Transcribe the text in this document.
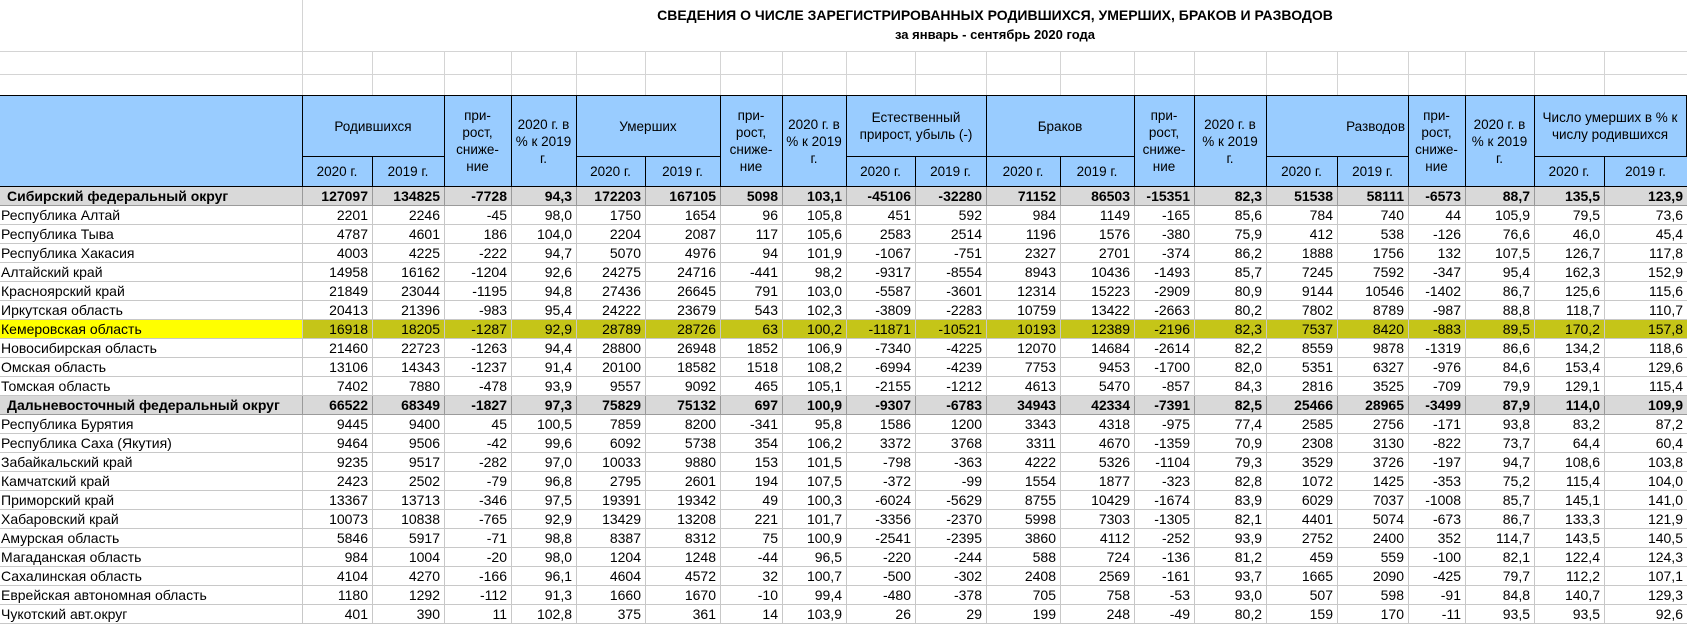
СВЕДЕНИЯ О ЧИСЛЕ ЗАРЕГИСТРИРОВАННЫХ РОДИВШИХСЯ, УМЕРШИХ, БРАКОВ И РАЗВОДОВ
за январь - сентябрь 2020 года
Родившихся
2020 г.	2019 г.
при-рост, сниже-ние
2020 г. в % к 2019 г.
Умерших
2020 г.	2019 г.
при-рост, сниже-ние
2020 г. в % к 2019 г.
Естественный прирост, убыль (-)
2020 г.	2019 г.
Браков
2020 г.	2019 г.
при-рост, сниже-ние
2020 г. в % к 2019 г.
Разводов
2020 г.	2019 г.
при-рост, сниже-ние
2020 г. в % к 2019 г.
Число умерших в % к числу родившихся
2020 г.	2019 г.
Сибирский федеральный округ	127097	134825	-7728	94,3	172203	167105	5098	103,1	-45106	-32280	71152	86503	-15351	82,3	51538	58111	-6573	88,7	135,5	123,9
Республика Алтай	2201	2246	-45	98,0	1750	1654	96	105,8	451	592	984	1149	-165	85,6	784	740	44	105,9	79,5	73,6
Республика Тыва	4787	4601	186	104,0	2204	2087	117	105,6	2583	2514	1196	1576	-380	75,9	412	538	-126	76,6	46,0	45,4
Республика Хакасия	4003	4225	-222	94,7	5070	4976	94	101,9	-1067	-751	2327	2701	-374	86,2	1888	1756	132	107,5	126,7	117,8
Алтайский край	14958	16162	-1204	92,6	24275	24716	-441	98,2	-9317	-8554	8943	10436	-1493	85,7	7245	7592	-347	95,4	162,3	152,9
Красноярский край	21849	23044	-1195	94,8	27436	26645	791	103,0	-5587	-3601	12314	15223	-2909	80,9	9144	10546	-1402	86,7	125,6	115,6
Иркутская область	20413	21396	-983	95,4	24222	23679	543	102,3	-3809	-2283	10759	13422	-2663	80,2	7802	8789	-987	88,8	118,7	110,7
Кемеровская область	16918	18205	-1287	92,9	28789	28726	63	100,2	-11871	-10521	10193	12389	-2196	82,3	7537	8420	-883	89,5	170,2	157,8
Новосибирская область	21460	22723	-1263	94,4	28800	26948	1852	106,9	-7340	-4225	12070	14684	-2614	82,2	8559	9878	-1319	86,6	134,2	118,6
Омская область	13106	14343	-1237	91,4	20100	18582	1518	108,2	-6994	-4239	7753	9453	-1700	82,0	5351	6327	-976	84,6	153,4	129,6
Томская область	7402	7880	-478	93,9	9557	9092	465	105,1	-2155	-1212	4613	5470	-857	84,3	2816	3525	-709	79,9	129,1	115,4
Дальневосточный федеральный округ	66522	68349	-1827	97,3	75829	75132	697	100,9	-9307	-6783	34943	42334	-7391	82,5	25466	28965	-3499	87,9	114,0	109,9
Республика Бурятия	9445	9400	45	100,5	7859	8200	-341	95,8	1586	1200	3343	4318	-975	77,4	2585	2756	-171	93,8	83,2	87,2
Республика Саха (Якутия)	9464	9506	-42	99,6	6092	5738	354	106,2	3372	3768	3311	4670	-1359	70,9	2308	3130	-822	73,7	64,4	60,4
Забайкальский край	9235	9517	-282	97,0	10033	9880	153	101,5	-798	-363	4222	5326	-1104	79,3	3529	3726	-197	94,7	108,6	103,8
Камчатский край	2423	2502	-79	96,8	2795	2601	194	107,5	-372	-99	1554	1877	-323	82,8	1072	1425	-353	75,2	115,4	104,0
Приморский край	13367	13713	-346	97,5	19391	19342	49	100,3	-6024	-5629	8755	10429	-1674	83,9	6029	7037	-1008	85,7	145,1	141,0
Хабаровский край	10073	10838	-765	92,9	13429	13208	221	101,7	-3356	-2370	5998	7303	-1305	82,1	4401	5074	-673	86,7	133,3	121,9
Амурская область	5846	5917	-71	98,8	8387	8312	75	100,9	-2541	-2395	3860	4112	-252	93,9	2752	2400	352	114,7	143,5	140,5
Магаданская область	984	1004	-20	98,0	1204	1248	-44	96,5	-220	-244	588	724	-136	81,2	459	559	-100	82,1	122,4	124,3
Сахалинская область	4104	4270	-166	96,1	4604	4572	32	100,7	-500	-302	2408	2569	-161	93,7	1665	2090	-425	79,7	112,2	107,1
Еврейская автономная область	1180	1292	-112	91,3	1660	1670	-10	99,4	-480	-378	705	758	-53	93,0	507	598	-91	84,8	140,7	129,3
Чукотский авт.округ	401	390	11	102,8	375	361	14	103,9	26	29	199	248	-49	80,2	159	170	-11	93,5	93,5	92,6
